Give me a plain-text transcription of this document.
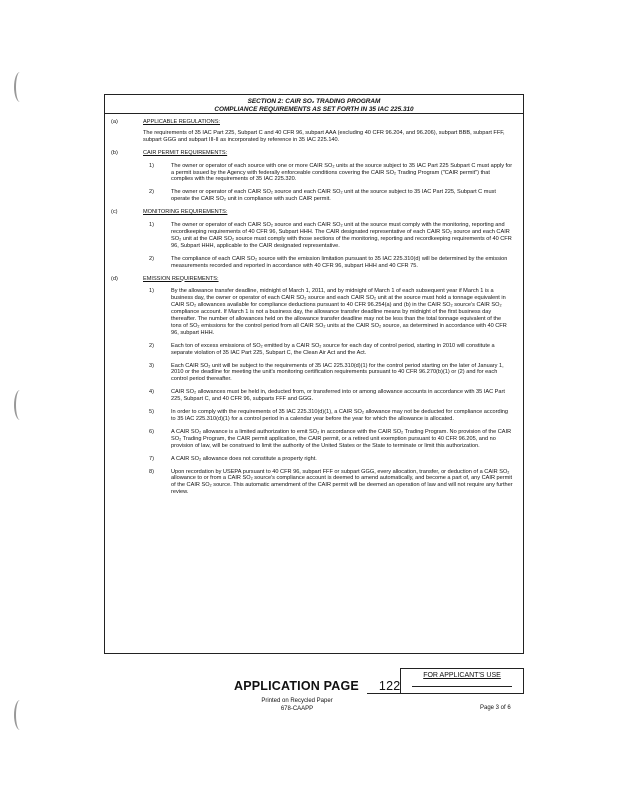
SECTION 2: CAIR SO₂ TRADING PROGRAM
COMPLIANCE REQUIREMENTS AS SET FORTH IN 35 IAC 225.310
(a)	APPLICABLE REGULATIONS:
The requirements of 35 IAC Part 225, Subpart C and 40 CFR 96, subpart AAA (excluding 40 CFR 96.204, and 96.206), subpart BBB, subpart FFF, subpart GGG and subpart III-II as incorporated by reference in 35 IAC 225.140.
(b)	CAIR PERMIT REQUIREMENTS:
1)	The owner or operator of each source with one or more CAIR SO₂ units at the source subject to 35 IAC Part 225 Subpart C must apply for a permit issued by the Agency with federally enforceable conditions covering the CAIR SO₂ Trading Program ("CAIR permit") that complies with the requirements of 35 IAC 225.320.
2)	The owner or operator of each CAIR SO₂ source and each CAIR SO₂ unit at the source subject to 35 IAC Part 225, Subpart C must operate the CAIR SO₂ unit in compliance with such CAIR permit.
(c)	MONITORING REQUIREMENTS:
1)	The owner or operator of each CAIR SO₂ source and each CAIR SO₂ unit at the source must comply with the monitoring, reporting and recordkeeping requirements of 40 CFR 96, Subpart HHH. The CAIR designated representative of each CAIR SO₂ source and each CAIR SO₂ unit at the CAIR SO₂ source must comply with those sections of the monitoring, reporting and recordkeeping requirements of 40 CFR 96, Subpart HHH, applicable to the CAIR designated representative.
2)	The compliance of each CAIR SO₂ source with the emission limitation pursuant to 35 IAC 225.310(d) will be determined by the emission measurements recorded and reported in accordance with 40 CFR 96, subpart HHH and 40 CFR 75.
(d)	EMISSION REQUIREMENTS:
1)	By the allowance transfer deadline, midnight of March 1, 2011, and by midnight of March 1 of each subsequent year if March 1 is a business day, the owner or operator of each CAIR SO₂ source and each CAIR SO₂ unit at the source must hold a tonnage equivalent in CAIR SO₂ allowances available for compliance deductions pursuant to 40 CFR 96.254(a) and (b) in the CAIR SO₂ source's CAIR SO₂ compliance account. If March 1 is not a business day, the allowance transfer deadline means by midnight of the first business day thereafter. The number of allowances held on the allowance transfer deadline may not be less than the total tonnage equivalent of the tons of SO₂ emissions for the control period from all CAIR SO₂ units at the CAIR SO₂ source, as determined in accordance with 40 CFR 96, subpart HHH.
2)	Each ton of excess emissions of SO₂ emitted by a CAIR SO₂ source for each day of control period, starting in 2010 will constitute a separate violation of 35 IAC Part 225, Subpart C, the Clean Air Act and the Act.
3)	Each CAIR SO₂ unit will be subject to the requirements of 35 IAC 225.310(d)(1) for the control period starting on the later of January 1, 2010 or the deadline for meeting the unit's monitoring certification requirements pursuant to 40 CFR 96.270(b)(1) or (2) and for each control period thereafter.
4)	CAIR SO₂ allowances must be held in, deducted from, or transferred into or among allowance accounts in accordance with 35 IAC Part 225, Subpart C, and 40 CFR 96, subparts FFF and GGG.
5)	In order to comply with the requirements of 35 IAC 225.310(d)(1), a CAIR SO₂ allowance may not be deducted for compliance according to 35 IAC 225.310(d)(1) for a control period in a calendar year before the year for which the allowance is allocated.
6)	A CAIR SO₂ allowance is a limited authorization to emit SO₂ in accordance with the CAIR SO₂ Trading Program. No provision of the CAIR SO₂ Trading Program, the CAIR permit application, the CAIR permit, or a retired unit exemption pursuant to 40 CFR 96.205, and no provision of law, will be construed to limit the authority of the United States or the State to terminate or limit this authorization.
7)	A CAIR SO₂ allowance does not constitute a property right.
8)	Upon recordation by USEPA pursuant to 40 CFR 96, subpart FFF or subpart GGG, every allocation, transfer, or deduction of a CAIR SO₂ allowance to or from a CAIR SO₂ source's compliance account is deemed to amend automatically, and become a part of, any CAIR permit of the CAIR SO₂ source. This automatic amendment of the CAIR permit will be deemed an operation of law and will not require any further review.
APPLICATION PAGE 122
FOR APPLICANT'S USE
Printed on Recycled Paper
678-CAAPP	Page 3 of 6
